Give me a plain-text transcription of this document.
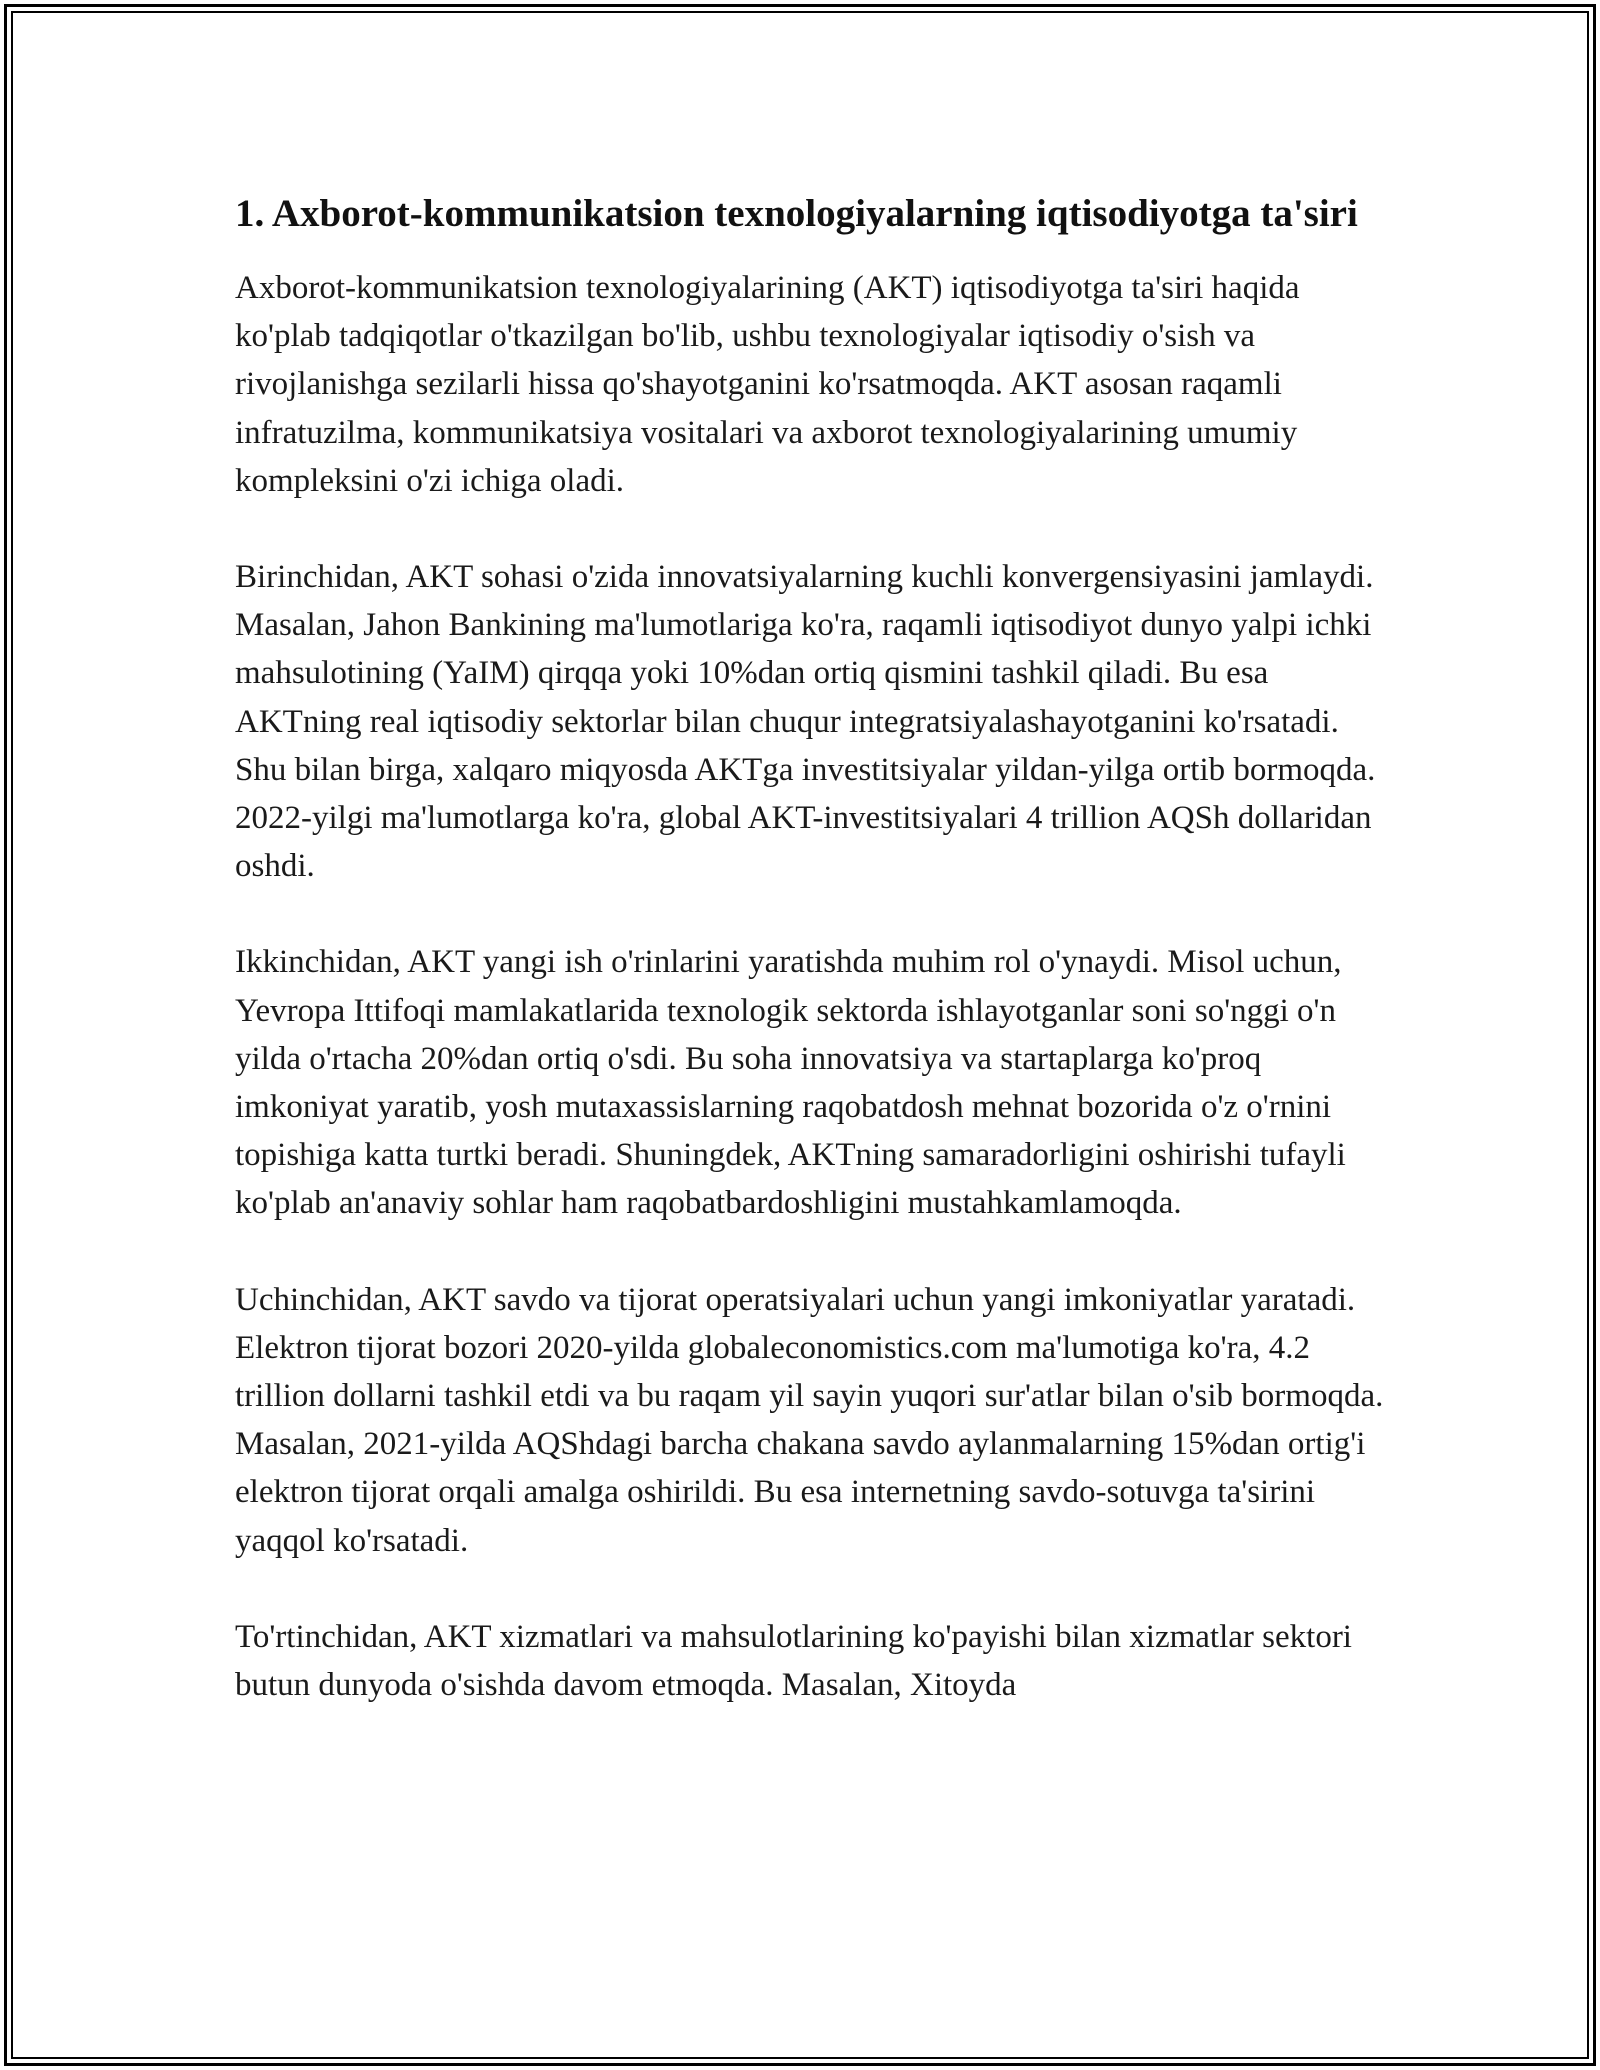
1. Axborot-kommunikatsion texnologiyalarning iqtisodiyotga ta'siri

Axborot-kommunikatsion texnologiyalarining (AKT) iqtisodiyotga ta'siri haqida ko'plab tadqiqotlar o'tkazilgan bo'lib, ushbu texnologiyalar iqtisodiy o'sish va rivojlanishga sezilarli hissa qo'shayotganini ko'rsatmoqda. AKT asosan raqamli infratuzilma, kommunikatsiya vositalari va axborot texnologiyalarining umumiy kompleksini o'zi ichiga oladi.

Birinchidan, AKT sohasi o'zida innovatsiyalarning kuchli konvergensiyasini jamlaydi. Masalan, Jahon Bankining ma'lumotlariga ko'ra, raqamli iqtisodiyot dunyo yalpi ichki mahsulotining (YaIM) qirqqa yoki 10%dan ortiq qismini tashkil qiladi. Bu esa AKTning real iqtisodiy sektorlar bilan chuqur integratsiyalashayotganini ko'rsatadi. Shu bilan birga, xalqaro miqyosda AKTga investitsiyalar yildan-yilga ortib bormoqda. 2022-yilgi ma'lumotlarga ko'ra, global AKT-investitsiyalari 4 trillion AQSh dollaridan oshdi.

Ikkinchidan, AKT yangi ish o'rinlarini yaratishda muhim rol o'ynaydi. Misol uchun, Yevropa Ittifoqi mamlakatlarida texnologik sektorda ishlayotganlar soni so'nggi o'n yilda o'rtacha 20%dan ortiq o'sdi. Bu soha innovatsiya va startaplarga ko'proq imkoniyat yaratib, yosh mutaxassislarning raqobatdosh mehnat bozorida o'z o'rnini topishiga katta turtki beradi. Shuningdek, AKTning samaradorligini oshirishi tufayli ko'plab an'anaviy sohlar ham raqobatbardoshligini mustahkamlamoqda.

Uchinchidan, AKT savdo va tijorat operatsiyalari uchun yangi imkoniyatlar yaratadi. Elektron tijorat bozori 2020-yilda globaleconomistics.com ma'lumotiga ko'ra, 4.2 trillion dollarni tashkil etdi va bu raqam yil sayin yuqori sur'atlar bilan o'sib bormoqda. Masalan, 2021-yilda AQShdagi barcha chakana savdo aylanmalarning 15%dan ortig'i elektron tijorat orqali amalga oshirildi. Bu esa internetning savdo-sotuvga ta'sirini yaqqol ko'rsatadi.

To'rtinchidan, AKT xizmatlari va mahsulotlarining ko'payishi bilan xizmatlar sektori butun dunyoda o'sishda davom etmoqda. Masalan, Xitoyda
